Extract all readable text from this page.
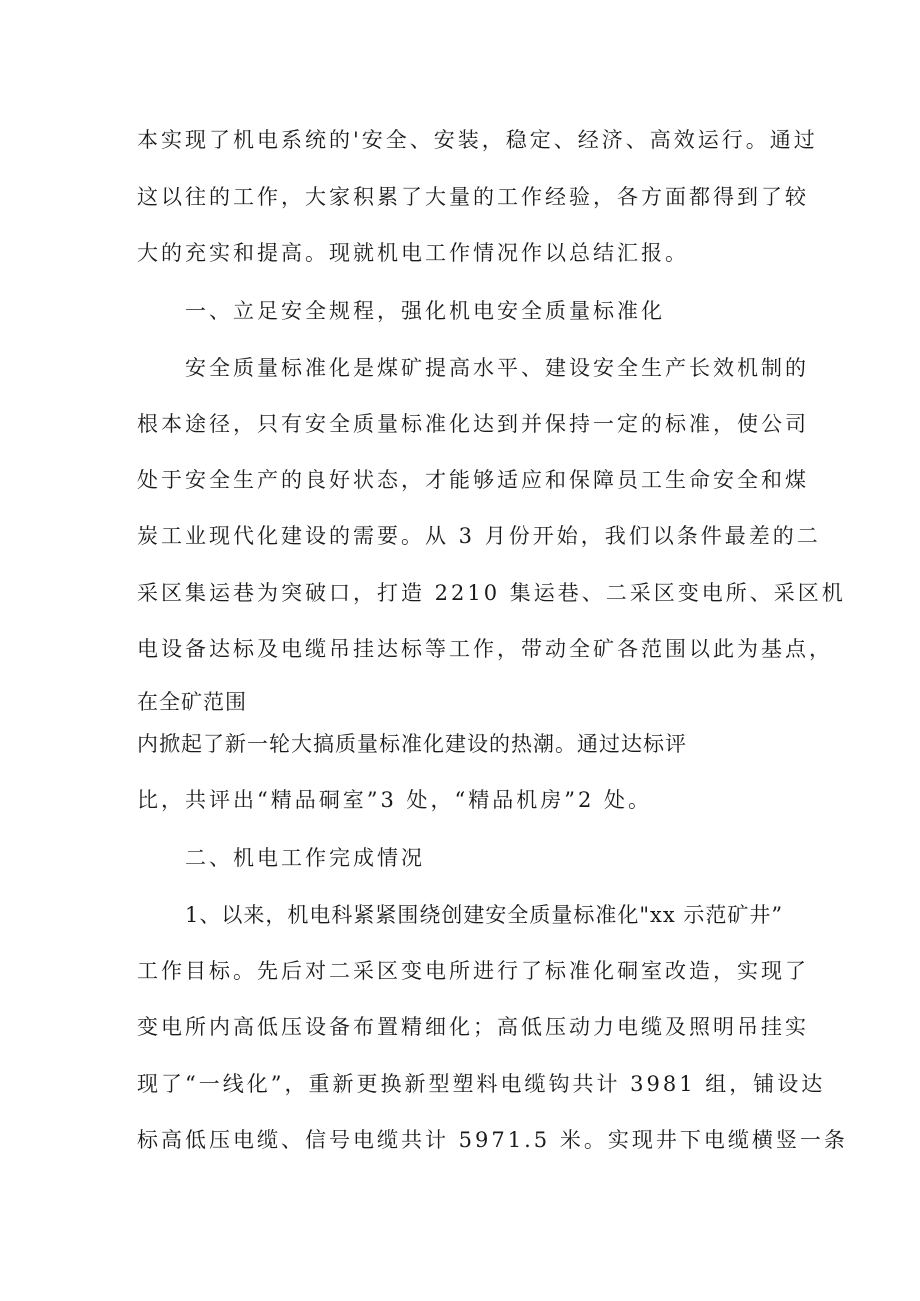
本实现了机电系统的'安全、安装，稳定、经济、高效运行。通过
这以往的工作，大家积累了大量的工作经验，各方面都得到了较
大的充实和提高。现就机电工作情况作以总结汇报。
一、立足安全规程，强化机电安全质量标准化
安全质量标准化是煤矿提高水平、建设安全生产长效机制的
根本途径，只有安全质量标准化达到并保持一定的标准，使公司
处于安全生产的良好状态，才能够适应和保障员工生命安全和煤
炭工业现代化建设的需要。从 3 月份开始，我们以条件最差的二
采区集运巷为突破口，打造 2210 集运巷、二采区变电所、采区机
电设备达标及电缆吊挂达标等工作，带动全矿各范围以此为基点，
在全矿范围
内掀起了新一轮大搞质量标准化建设的热潮。通过达标评
比，共评出“精品硐室”3 处，“精品机房”2 处。
二、机电工作完成情况
1、以来，机电科紧紧围绕创建安全质量标准化"xx 示范矿井”
工作目标。先后对二采区变电所进行了标准化硐室改造，实现了
变电所内高低压设备布置精细化；高低压动力电缆及照明吊挂实
现了“一线化”，重新更换新型塑料电缆钩共计 3981 组，铺设达
标高低压电缆、信号电缆共计 5971.5 米。实现井下电缆横竖一条
